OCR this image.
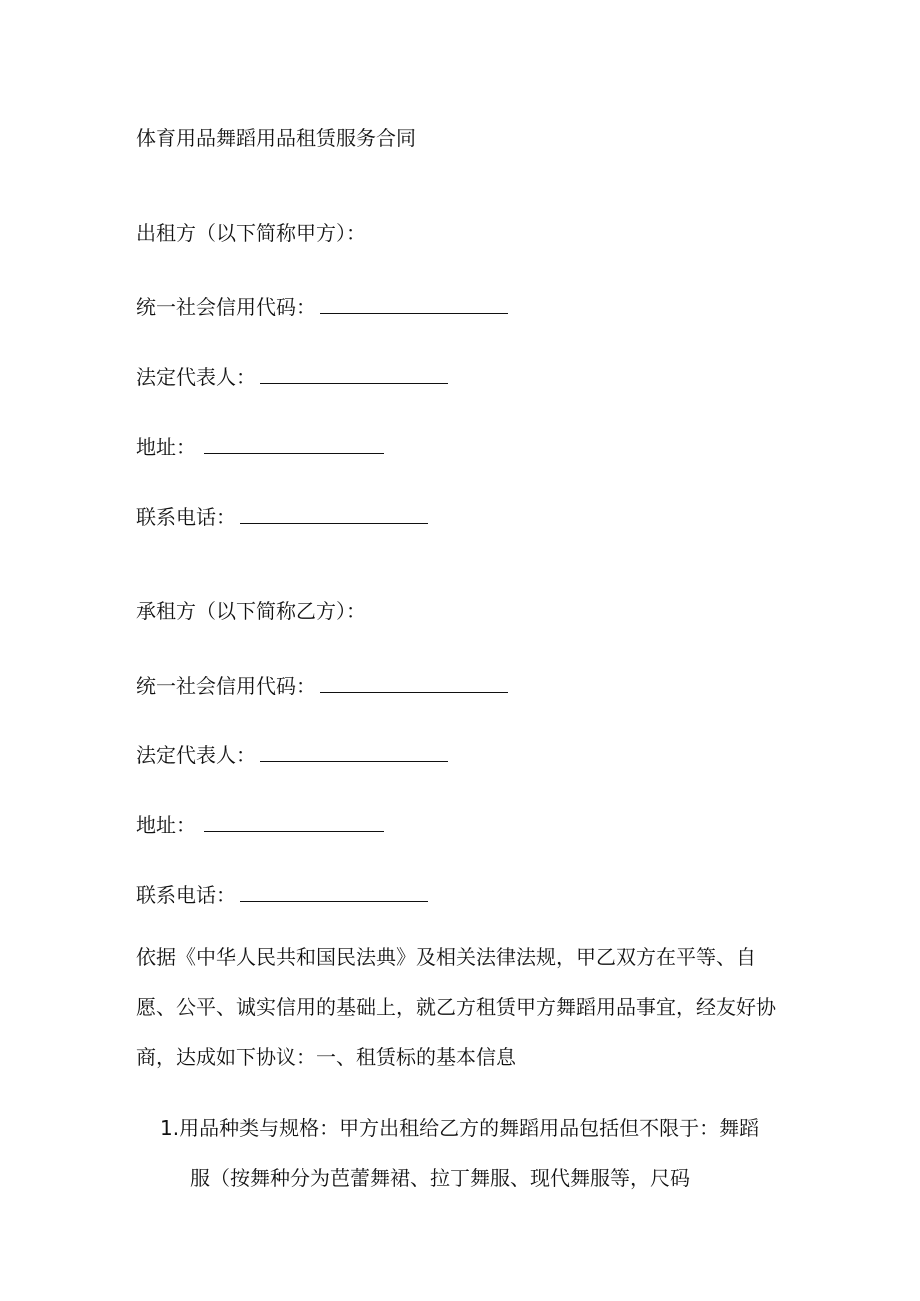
体育用品舞蹈用品租赁服务合同
出租方（以下简称甲方）：
统一社会信用代码：
法定代表人：
地址：
联系电话：
承租方（以下简称乙方）：
统一社会信用代码：
法定代表人：
地址：
联系电话：

依据《中华人民共和国民法典》及相关法律法规，甲乙双方在平等、自

愿、公平、诚实信用的基础上，就乙方租赁甲方舞蹈用品事宜，经友好协

商，达成如下协议：一、租赁标的基本信息

1.用品种类与规格：甲方出租给乙方的舞蹈用品包括但不限于：舞蹈

服（按舞种分为芭蕾舞裙、拉丁舞服、现代舞服等，尺码
